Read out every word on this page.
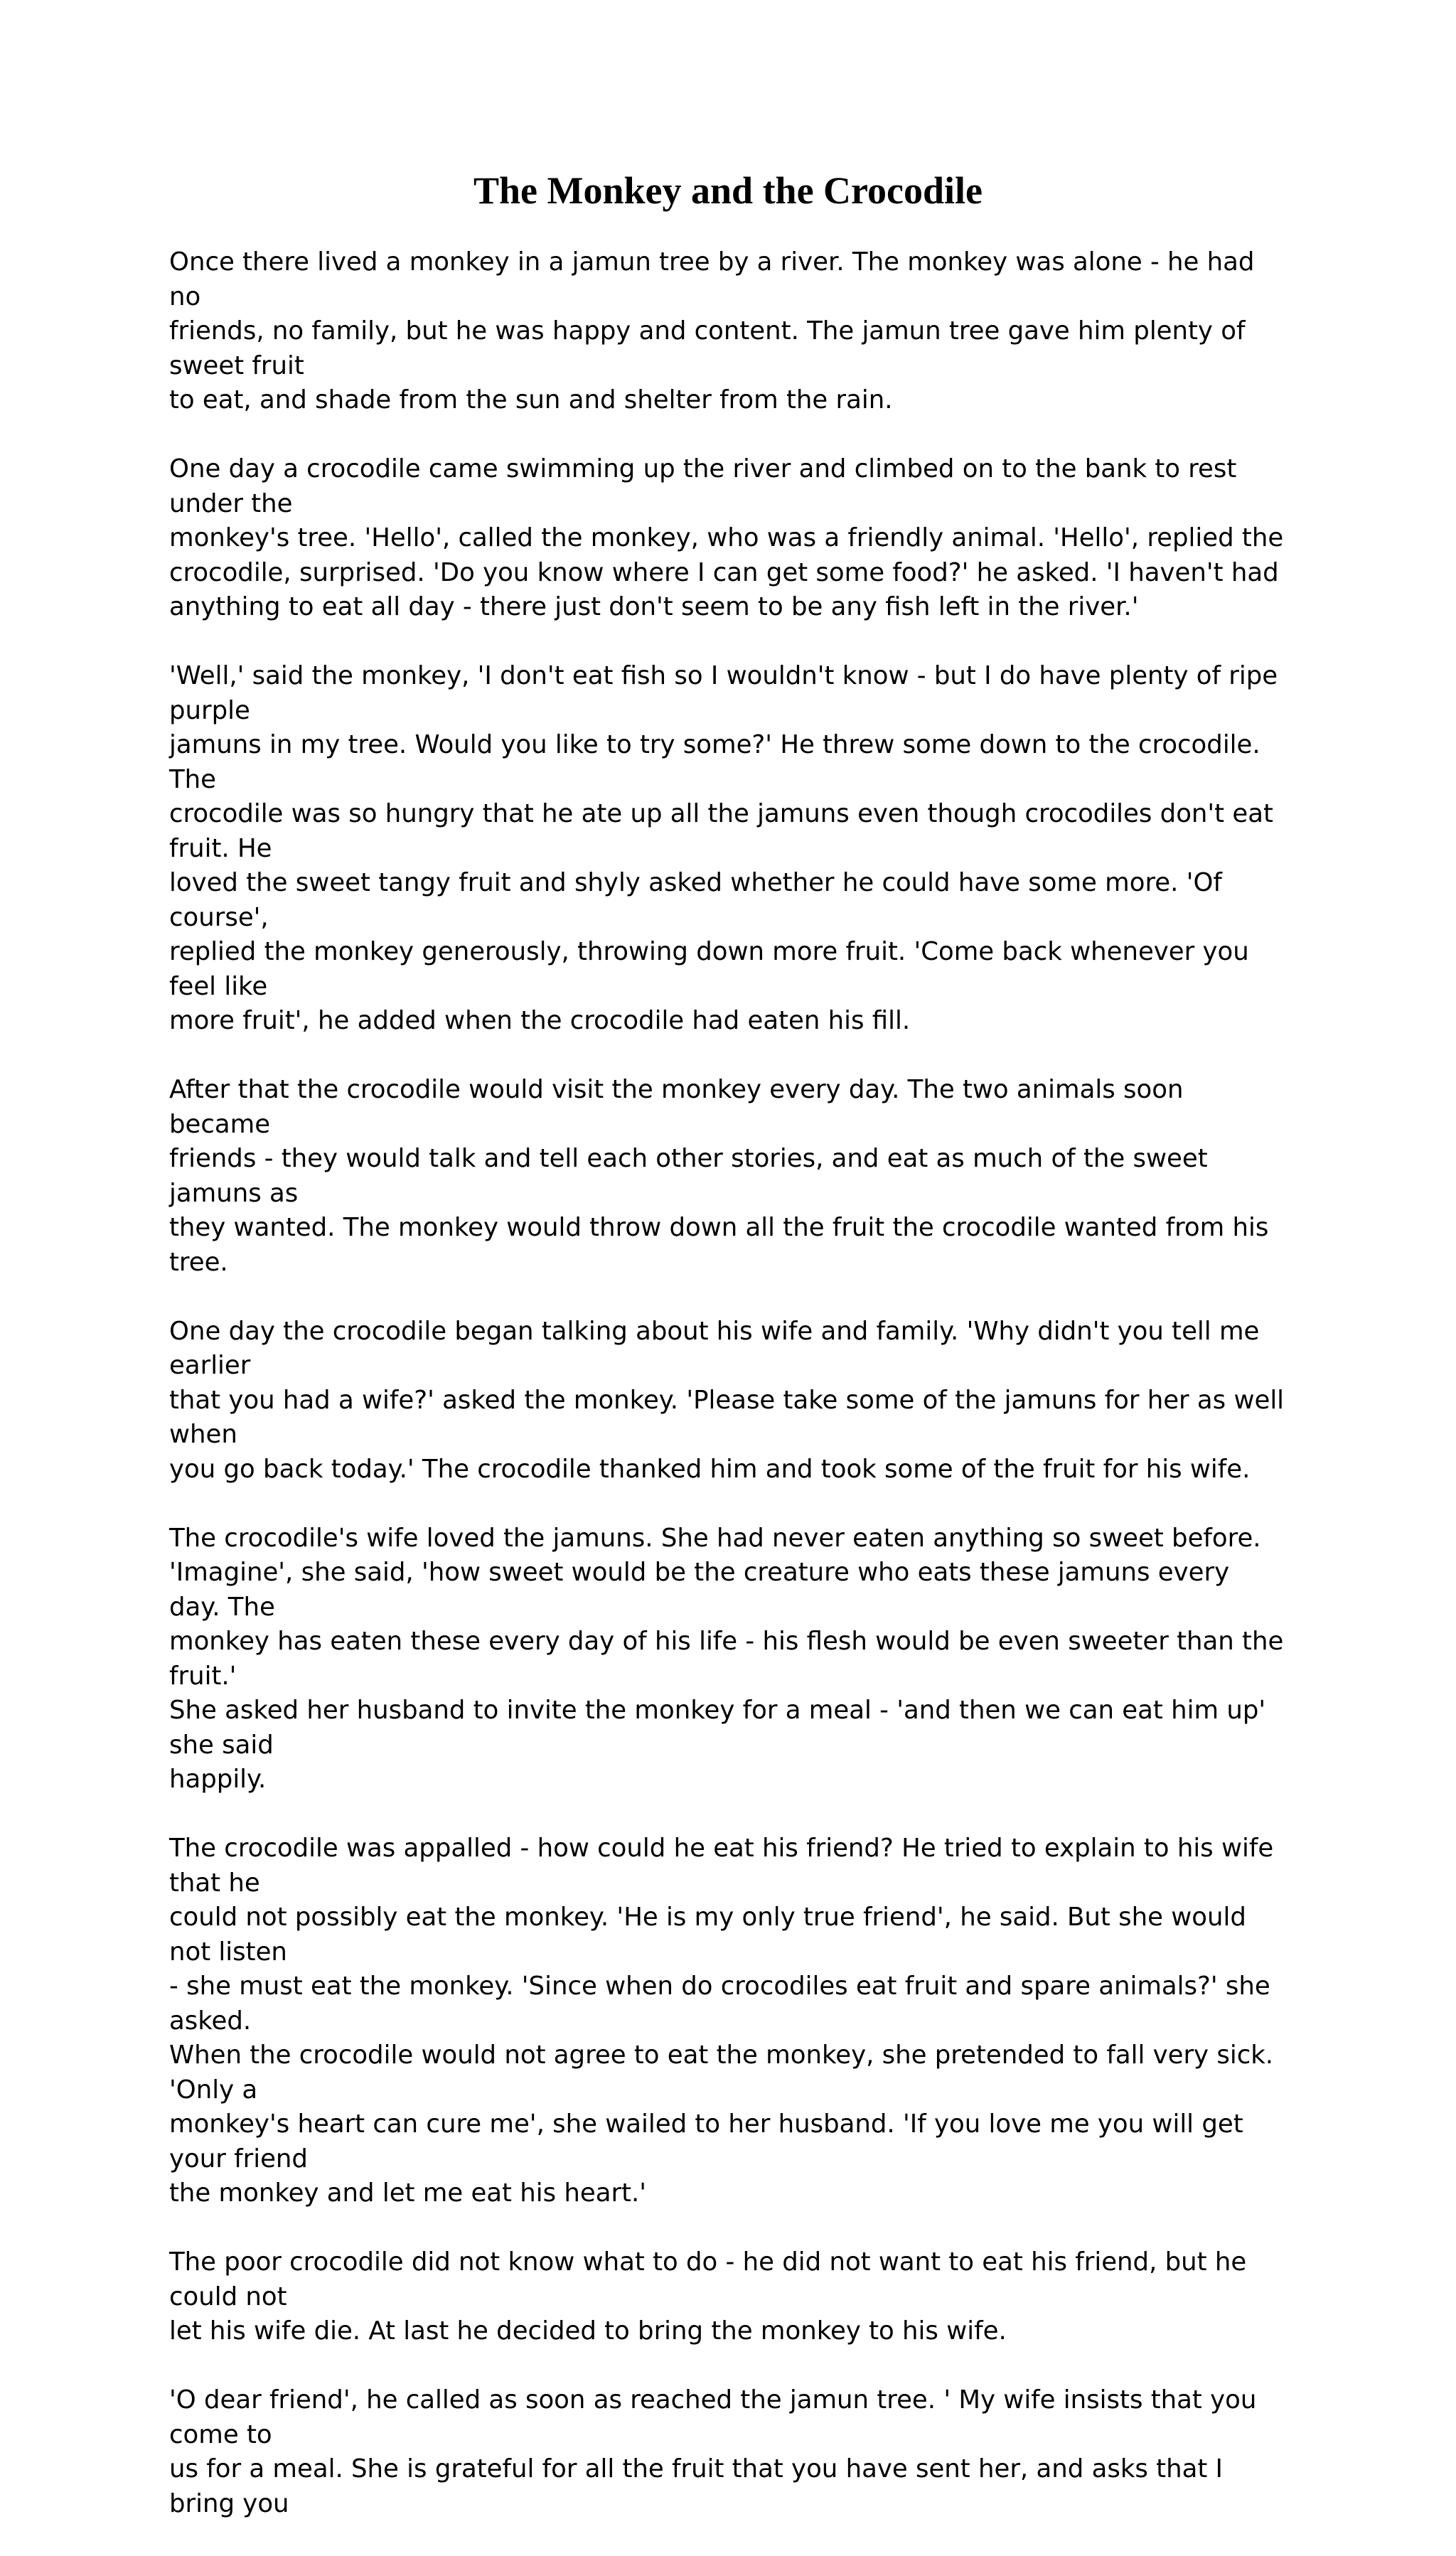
The Monkey and the Crocodile

Once there lived a monkey in a jamun tree by a river. The monkey was alone - he had no
friends, no family, but he was happy and content. The jamun tree gave him plenty of sweet fruit
to eat, and shade from the sun and shelter from the rain.

One day a crocodile came swimming up the river and climbed on to the bank to rest under the
monkey's tree. 'Hello', called the monkey, who was a friendly animal. 'Hello', replied the
crocodile, surprised. 'Do you know where I can get some food?' he asked. 'I haven't had
anything to eat all day - there just don't seem to be any fish left in the river.'

'Well,' said the monkey, 'I don't eat fish so I wouldn't know - but I do have plenty of ripe purple
jamuns in my tree. Would you like to try some?' He threw some down to the crocodile. The
crocodile was so hungry that he ate up all the jamuns even though crocodiles don't eat fruit. He
loved the sweet tangy fruit and shyly asked whether he could have some more. 'Of course',
replied the monkey generously, throwing down more fruit. 'Come back whenever you feel like
more fruit', he added when the crocodile had eaten his fill.

After that the crocodile would visit the monkey every day. The two animals soon became
friends - they would talk and tell each other stories, and eat as much of the sweet jamuns as
they wanted. The monkey would throw down all the fruit the crocodile wanted from his tree.

One day the crocodile began talking about his wife and family. 'Why didn't you tell me earlier
that you had a wife?' asked the monkey. 'Please take some of the jamuns for her as well when
you go back today.' The crocodile thanked him and took some of the fruit for his wife.

The crocodile's wife loved the jamuns. She had never eaten anything so sweet before.
'Imagine', she said, 'how sweet would be the creature who eats these jamuns every day. The
monkey has eaten these every day of his life - his flesh would be even sweeter than the fruit.'
She asked her husband to invite the monkey for a meal - 'and then we can eat him up' she said
happily.

The crocodile was appalled - how could he eat his friend? He tried to explain to his wife that he
could not possibly eat the monkey. 'He is my only true friend', he said. But she would not listen
- she must eat the monkey. 'Since when do crocodiles eat fruit and spare animals?' she asked.
When the crocodile would not agree to eat the monkey, she pretended to fall very sick. 'Only a
monkey's heart can cure me', she wailed to her husband. 'If you love me you will get your friend
the monkey and let me eat his heart.'

The poor crocodile did not know what to do - he did not want to eat his friend, but he could not
let his wife die. At last he decided to bring the monkey to his wife.

'O dear friend', he called as soon as reached the jamun tree. ' My wife insists that you come to
us for a meal. She is grateful for all the fruit that you have sent her, and asks that I bring you
